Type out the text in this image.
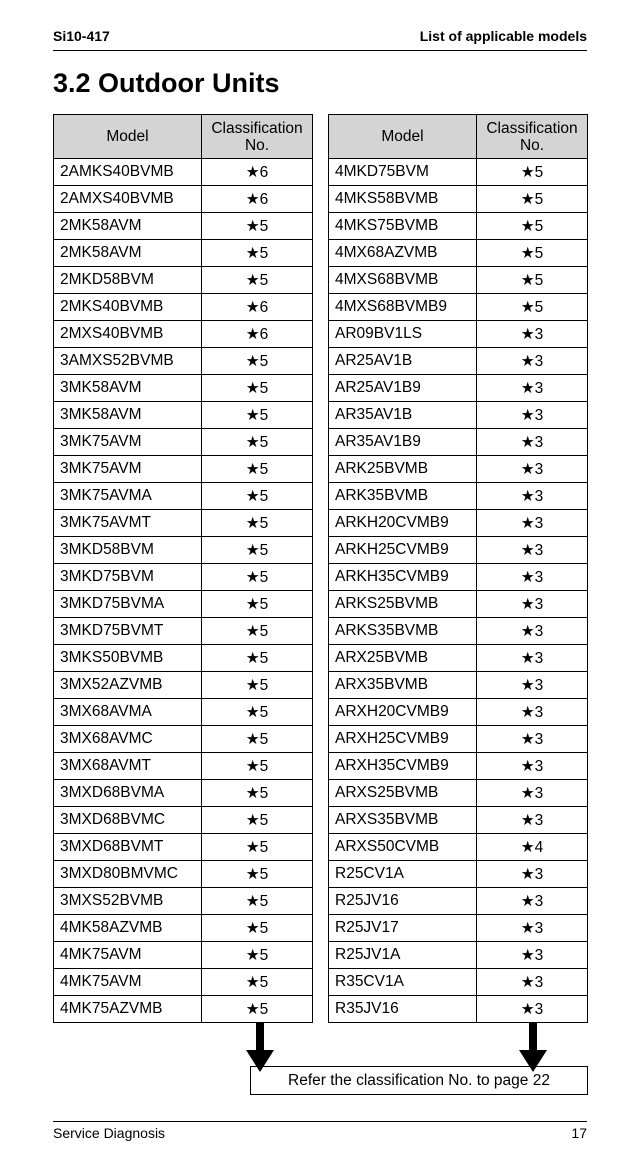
Si10-417	List of applicable models
3.2 Outdoor Units
Model	Classification
No.
2AMKS40BVMB	★6
2AMXS40BVMB	★6
2MK58AVM	★5
2MK58AVM	★5
2MKD58BVM	★5
2MKS40BVMB	★6
2MXS40BVMB	★6
3AMXS52BVMB	★5
3MK58AVM	★5
3MK58AVM	★5
3MK75AVM	★5
3MK75AVM	★5
3MK75AVMA	★5
3MK75AVMT	★5
3MKD58BVM	★5
3MKD75BVM	★5
3MKD75BVMA	★5
3MKD75BVMT	★5
3MKS50BVMB	★5
3MX52AZVMB	★5
3MX68AVMA	★5
3MX68AVMC	★5
3MX68AVMT	★5
3MXD68BVMA	★5
3MXD68BVMC	★5
3MXD68BVMT	★5
3MXD80BMVMC	★5
3MXS52BVMB	★5
4MK58AZVMB	★5
4MK75AVM	★5
4MK75AVM	★5
4MK75AZVMB	★5
Model	Classification
No.
4MKD75BVM	★5
4MKS58BVMB	★5
4MKS75BVMB	★5
4MX68AZVMB	★5
4MXS68BVMB	★5
4MXS68BVMB9	★5
AR09BV1LS	★3
AR25AV1B	★3
AR25AV1B9	★3
AR35AV1B	★3
AR35AV1B9	★3
ARK25BVMB	★3
ARK35BVMB	★3
ARKH20CVMB9	★3
ARKH25CVMB9	★3
ARKH35CVMB9	★3
ARKS25BVMB	★3
ARKS35BVMB	★3
ARX25BVMB	★3
ARX35BVMB	★3
ARXH20CVMB9	★3
ARXH25CVMB9	★3
ARXH35CVMB9	★3
ARXS25BVMB	★3
ARXS35BVMB	★3
ARXS50CVMB	★4
R25CV1A	★3
R25JV16	★3
R25JV17	★3
R25JV1A	★3
R35CV1A	★3
R35JV16	★3
Refer the classification No. to page 22
Service Diagnosis	17
